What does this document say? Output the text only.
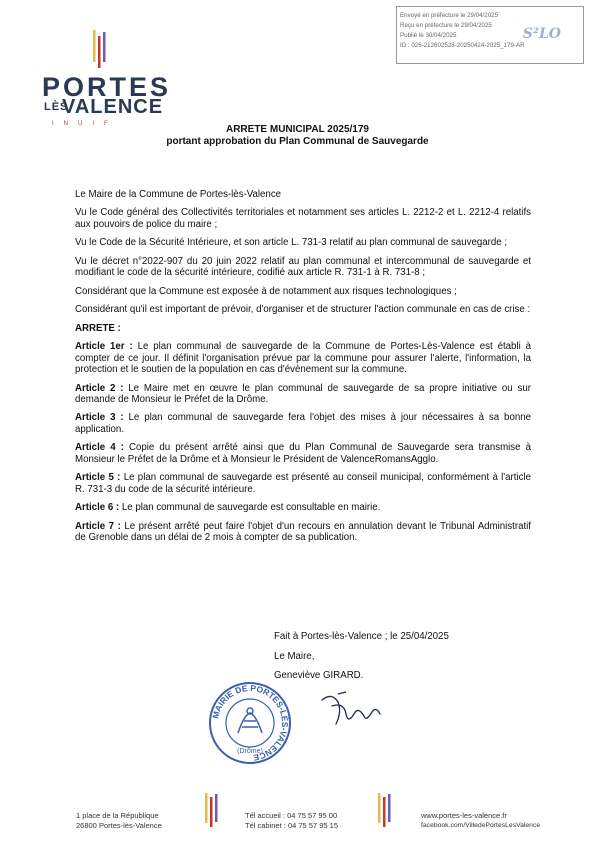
Envoyé en préfecture le 29/04/2025
Reçu en préfecture le 29/04/2025
Publié le 30/04/2025
ID : 026-212602528-20250424-2025_179-AR
S²LO
PORTES
LÈS
VALENCE
INUIF	ARRETE MUNICIPAL 2025/179
portant approbation du Plan Communal de Sauvegarde

Le Maire de la Commune de Portes-lès-Valence

Vu le Code général des Collectivités territoriales et notamment ses articles L. 2212-2 et L. 2212-4 relatifs aux pouvoirs de police du maire ;

Vu le Code de la Sécurité Intérieure, et son article L. 731-3 relatif au plan communal de sauvegarde ;

Vu le décret n°2022-907 du 20 juin 2022 relatif au plan communal et intercommunal de sauvegarde et modifiant le code de la sécurité intérieure, codifié aux article R. 731-1 à R. 731-8 ;

Considérant que la Commune est exposée à de notamment aux risques technologiques ;

Considérant qu'il est important de prévoir, d'organiser et de structurer l'action communale en cas de crise :

ARRETE :

Article 1er : Le plan communal de sauvegarde de la Commune de Portes-Lès-Valence est établi à compter de ce jour. Il définit l'organisation prévue par la commune pour assurer l'alerte, l'information, la protection et le soutien de la population en cas d'évènement sur la commune.

Article 2 : Le Maire met en œuvre le plan communal de sauvegarde de sa propre initiative ou sur demande de Monsieur le Préfet de la Drôme.

Article 3 : Le plan communal de sauvegarde fera l'objet des mises à jour nécessaires à sa bonne application.

Article 4 : Copie du présent arrêté ainsi que du Plan Communal de Sauvegarde sera transmise à Monsieur le Préfet de la Drôme et à Monsieur le Président de ValenceRomansAgglo.

Article 5 : Le plan communal de sauvegarde est présenté au conseil municipal, conformément à l'article R. 731-3 du code de la sécurité intérieure.

Article 6 : Le plan communal de sauvegarde est consultable en mairie.

Article 7 : Le présent arrêté peut faire l'objet d'un recours en annulation devant le Tribunal Administratif de Grenoble dans un délai de 2 mois à compter de sa publication.

Fait à Portes-lès-Valence ; le 25/04/2025
Le Maire,
Geneviève GIRARD.
MAIRIE DE PORTES-LÈS-VALENCE
(Drôme)
1 place de la République
26800 Portes-lès-Valence
Tél accueil : 04 75 57 95 00
Tél cabinet : 04 75 57 95 15
www.portes-les-valence.fr
facebook.com/VilledePortesLesValence
